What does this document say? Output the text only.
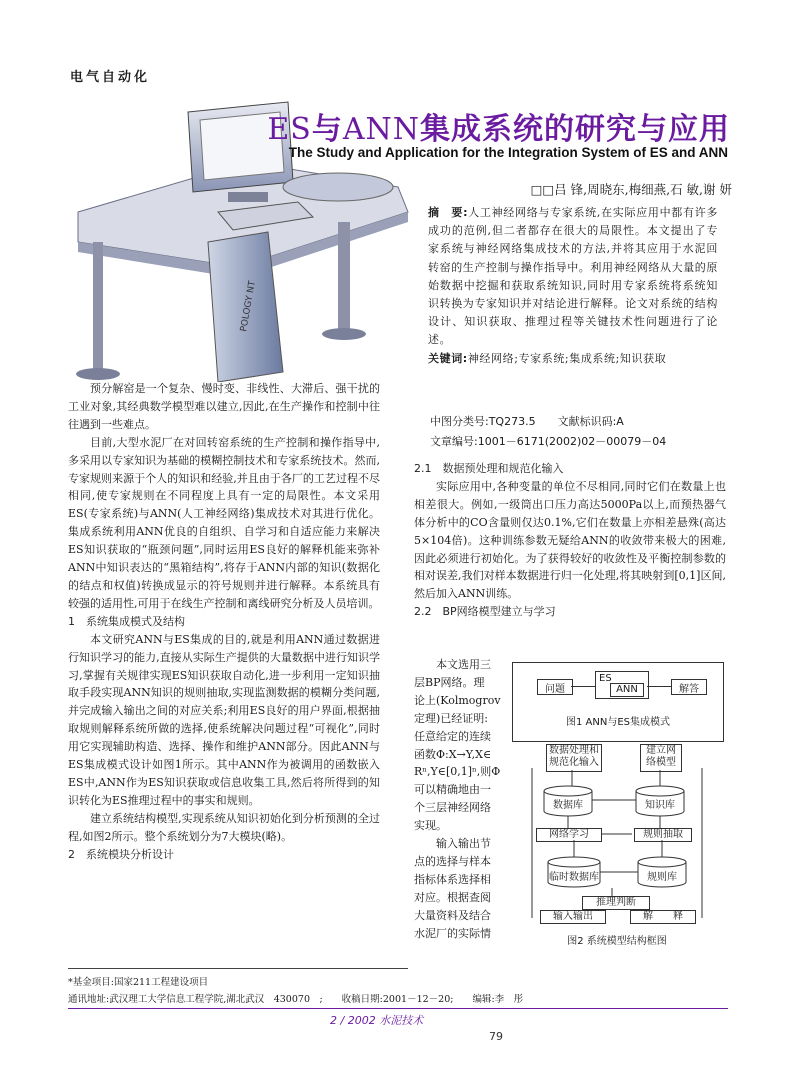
电气自动化
POLOGY NT
ES与ANN集成系统的研究与应用
The Study and Application for the Integration System of ES and ANN
□□吕 锋,周晓东,梅细燕,石 敏,谢 妍
摘　要:人工神经网络与专家系统,在实际应用中都有许多成功的范例,但二者都存在很大的局限性。本文提出了专家系统与神经网络集成技术的方法,并将其应用于水泥回转窑的生产控制与操作指导中。利用神经网络从大量的原始数据中挖掘和获取系统知识,同时用专家系统将系统知识转换为专家知识并对结论进行解释。论文对系统的结构设计、知识获取、推理过程等关键技术性问题进行了论述。
关键词:神经网络;专家系统;集成系统;知识获取
中图分类号:TQ273.5　　文献标识码:A
文章编号:1001－6171(2002)02－00079－04

预分解窑是一个复杂、慢时变、非线性、大滞后、强干扰的工业对象,其经典数学模型难以建立,因此,在生产操作和控制中往往遇到一些难点。

目前,大型水泥厂在对回转窑系统的生产控制和操作指导中,多采用以专家知识为基础的模糊控制技术和专家系统技术。然而,专家规则来源于个人的知识和经验,并且由于各厂的工艺过程不尽相同,使专家规则在不同程度上具有一定的局限性。本文采用ES(专家系统)与ANN(人工神经网络)集成技术对其进行优化。集成系统利用ANN优良的自组织、自学习和自适应能力来解决ES知识获取的“瓶颈问题”,同时运用ES良好的解释机能来弥补ANN中知识表达的“黑箱结构”,将存于ANN内部的知识(数据化的结点和权值)转换成显示的符号规则并进行解释。本系统具有较强的适用性,可用于在线生产控制和离线研究分析及人员培训。

1　系统集成模式及结构

本文研究ANN与ES集成的目的,就是利用ANN通过数据进行知识学习的能力,直接从实际生产提供的大量数据中进行知识学习,掌握有关规律实现ES知识获取自动化,进一步利用一定知识抽取手段实现ANN知识的规则抽取,实现监测数据的模糊分类问题,并完成输入输出之间的对应关系;利用ES良好的用户界面,根据抽取规则解释系统所做的选择,使系统解决问题过程“可视化”,同时用它实现辅助构造、选择、操作和维护ANN部分。因此ANN与ES集成模式设计如图1所示。其中ANN作为被调用的函数嵌入ES中,ANN作为ES知识获取或信息收集工具,然后将所得到的知识转化为ES推理过程中的事实和规则。

建立系统结构模型,实现系统从知识初始化到分析预测的全过程,如图2所示。整个系统划分为7大模块(略)。

2　系统模块分析设计
2.1　数据预处理和规范化输入

实际应用中,各种变量的单位不尽相同,同时它们在数量上也相差很大。例如,一级筒出口压力高达5000Pa以上,而预热器气体分析中的CO含量则仅达0.1%,它们在数量上亦相差悬殊(高达5×104倍)。这种训练参数无疑给ANN的收敛带来极大的困难,因此必须进行初始化。为了获得较好的收敛性及平衡控制参数的相对误差,我们对样本数据进行归一化处理,将其映射到[0,1]区间,然后加入ANN训练。

2.2　BP网络模型建立与学习
本文选用三
层BP网络。理
论上(Kolmogrov
定理)已经证明:
任意给定的连续
函数Φ:X→Y,X∈
Rⁿ,Y∈[0,1]ⁿ,则Φ
可以精确地由一
个三层神经网络
实现。
输入输出节
点的选择与样本
指标体系选择相
对应。根据查阅
大量资料及结合
水泥厂的实际情
问题
ES
ANN	解答
图1 ANN与ES集成模式
数据处理和
规范化输入
建立网
络模型
数据库	知识库
网络学习	规则抽取
临时数据库	规则库
推理判断
输入输出	解　　释
图2 系统模型结构框图
*基金项目:国家211工程建设项目
通讯地址:武汉理工大学信息工程学院,湖北武汉　430070　;　　收稿日期:2001－12－20;　　编辑:李　彤
2 / 2002 水泥技术
79
